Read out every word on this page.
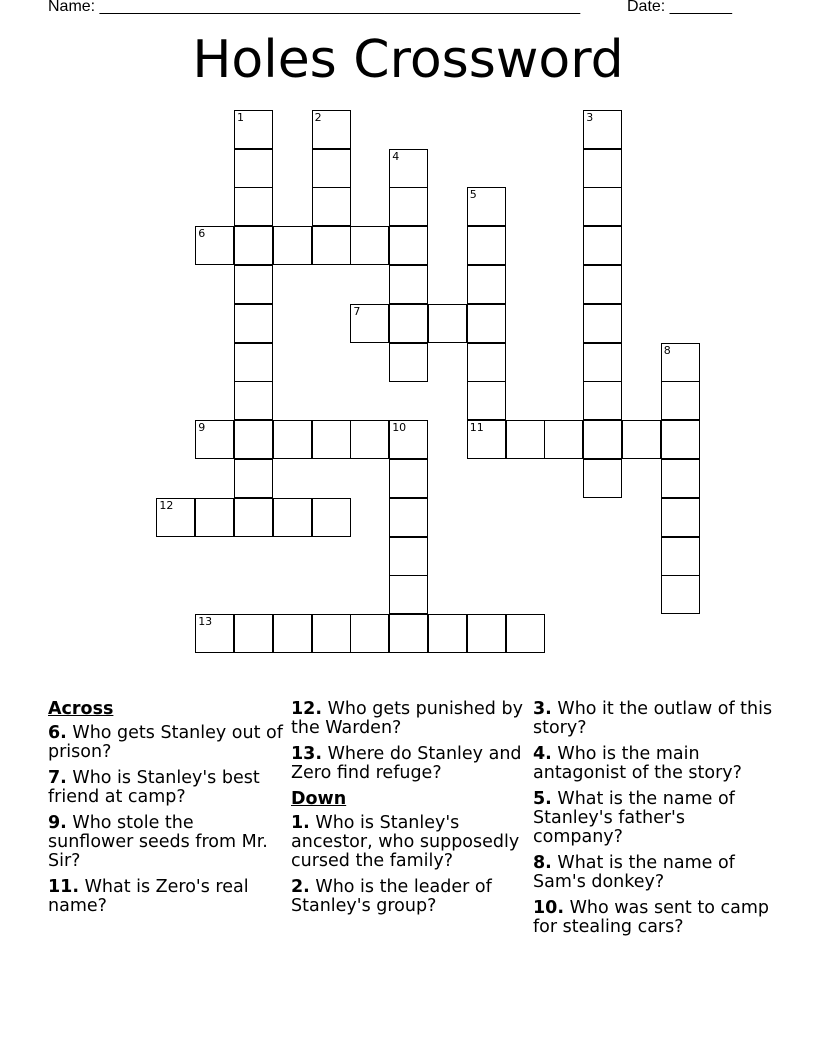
Name: ______________________________________________________	Date: _______
Holes Crossword
1	2	3
4
5
6
7
8
9	10	11
12
13
Across
6. Who gets Stanley out of prison?
7. Who is Stanley's best friend at camp?
9. Who stole the sunflower seeds from Mr. Sir?
11. What is Zero's real name?
12. Who gets punished by the Warden?
13. Where do Stanley and Zero find refuge?
Down
1. Who is Stanley's ancestor, who supposedly cursed the family?
2. Who is the leader of Stanley's group?
3. Who it the outlaw of this story?
4. Who is the main antagonist of the story?
5. What is the name of Stanley's father's company?
8. What is the name of Sam's donkey?
10. Who was sent to camp for stealing cars?
